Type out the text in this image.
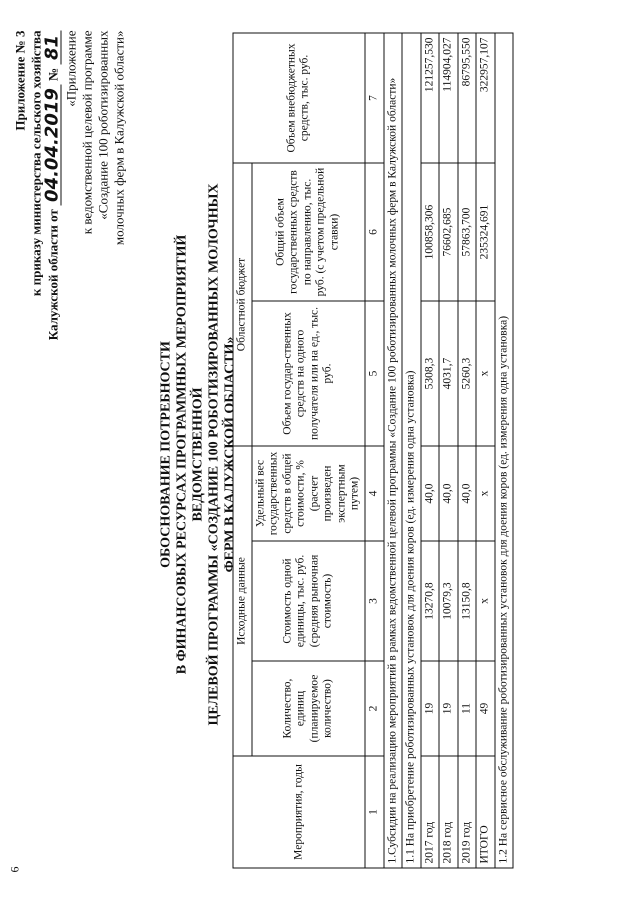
6
Приложение № 3 к приказу министерства сельского хозяйства Калужской области от 04.04.2019 № 81 «Приложение к ведомственной целевой программе «Создание 100 роботизированных молочных ферм в Калужской области»
ОБОСНОВАНИЕ ПОТРЕБНОСТИ В ФИНАНСОВЫХ РЕСУРСАХ ПРОГРАММНЫХ МЕРОПРИЯТИЙ ВЕДОМСТВЕННОЙ ЦЕЛЕВОЙ ПРОГРАММЫ «СОЗДАНИЕ 100 РОБОТИЗИРОВАННЫХ МОЛОЧНЫХ ФЕРМ В КАЛУЖСКОЙ ОБЛАСТИ»
Мероприятия, годы	Исходные данные			Областной бюджет		Объем внебюджетных средств, тыс. руб.
	Количество, единиц (планируемое количество)	Стоимость одной единицы, тыс. руб. (средняя рыночная стоимость)	Удельный вес государственных средств в общей стоимости, % (расчет произведен экспертным путем)	Объем государ-ственных средств на одного получателя или на ед., тыс. руб.	Общий объем государственных средств по направлению, тыс. руб. (с учетом предельной ставки)	
1	2	3	4	5	6	7
1.Субсидии на реализацию мероприятий в рамках ведомственной целевой программы «Создание 100 роботизированных молочных ферм в Калужской области»						
1.1 На приобретение роботизированных установок для доения коров (ед. измерения одна установка)						
2017 год	19	13270,8	40,0	5308,3	100858,306	121257,530
2018 год	19	10079,3	40,0	4031,7	76602,685	114904,027
2019 год	11	13150,8	40,0	5260,3	57863,700	86795,550
ИТОГО	49	х	х	х	235324,691	322957,107
1.2 На сервисное обслуживание роботизированных установок для доения коров (ед. измерения одна установка)						
